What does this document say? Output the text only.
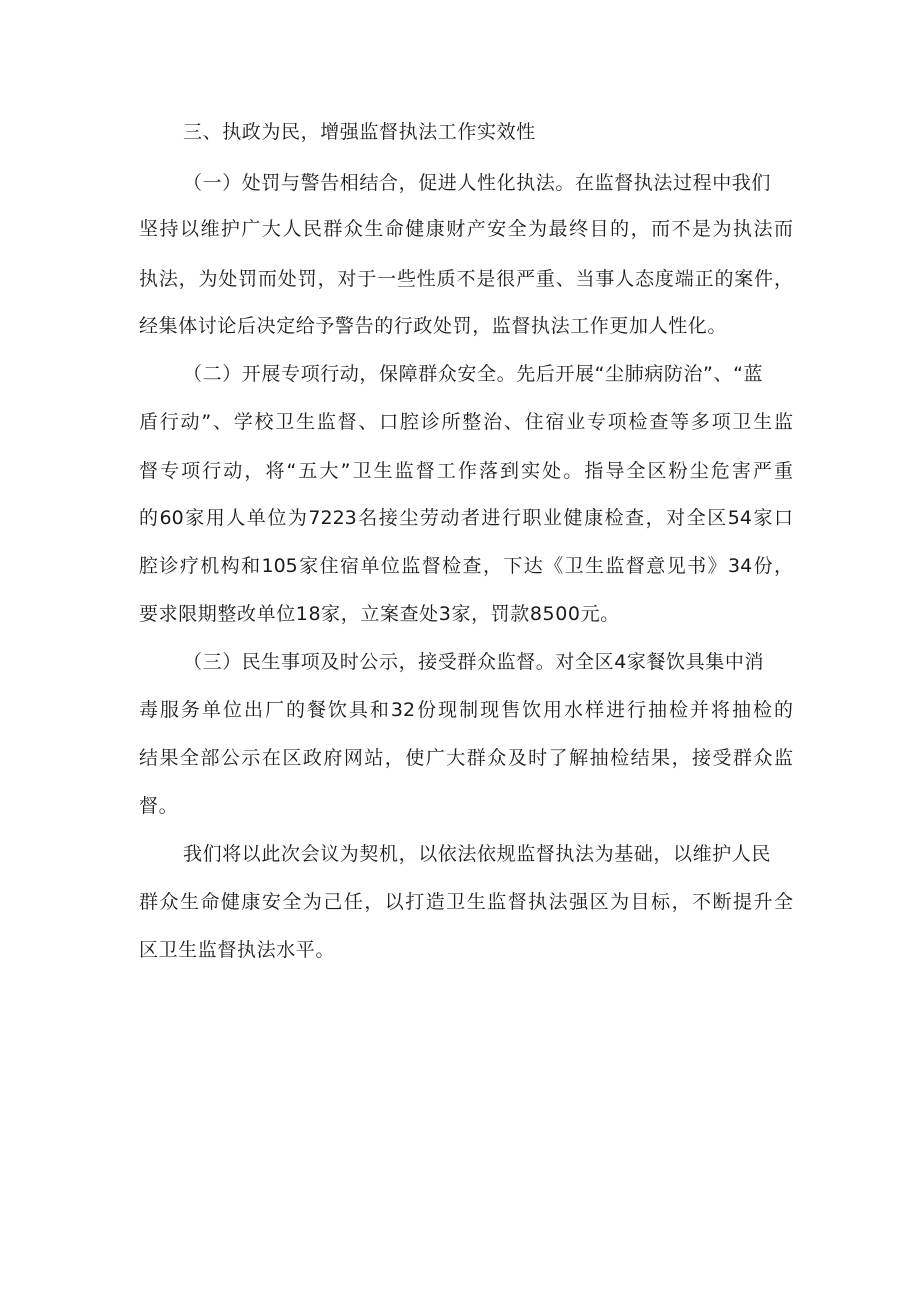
三、执政为民，增强监督执法工作实效性
（一）处罚与警告相结合，促进人性化执法。在监督执法过程中我们
坚持以维护广大人民群众生命健康财产安全为最终目的，而不是为执法而
执法，为处罚而处罚，对于一些性质不是很严重、当事人态度端正的案件，
经集体讨论后决定给予警告的行政处罚，监督执法工作更加人性化。
（二）开展专项行动，保障群众安全。先后开展“尘肺病防治”、“蓝
盾行动”、学校卫生监督、口腔诊所整治、住宿业专项检查等多项卫生监
督专项行动，将“五大”卫生监督工作落到实处。指导全区粉尘危害严重
的60家用人单位为7223名接尘劳动者进行职业健康检查，对全区54家口
腔诊疗机构和105家住宿单位监督检查，下达《卫生监督意见书》34份，
要求限期整改单位18家，立案查处3家，罚款8500元。
（三）民生事项及时公示，接受群众监督。对全区4家餐饮具集中消
毒服务单位出厂的餐饮具和32份现制现售饮用水样进行抽检并将抽检的
结果全部公示在区政府网站，使广大群众及时了解抽检结果，接受群众监
督。
我们将以此次会议为契机，以依法依规监督执法为基础，以维护人民
群众生命健康安全为己任，以打造卫生监督执法强区为目标，不断提升全
区卫生监督执法水平。
